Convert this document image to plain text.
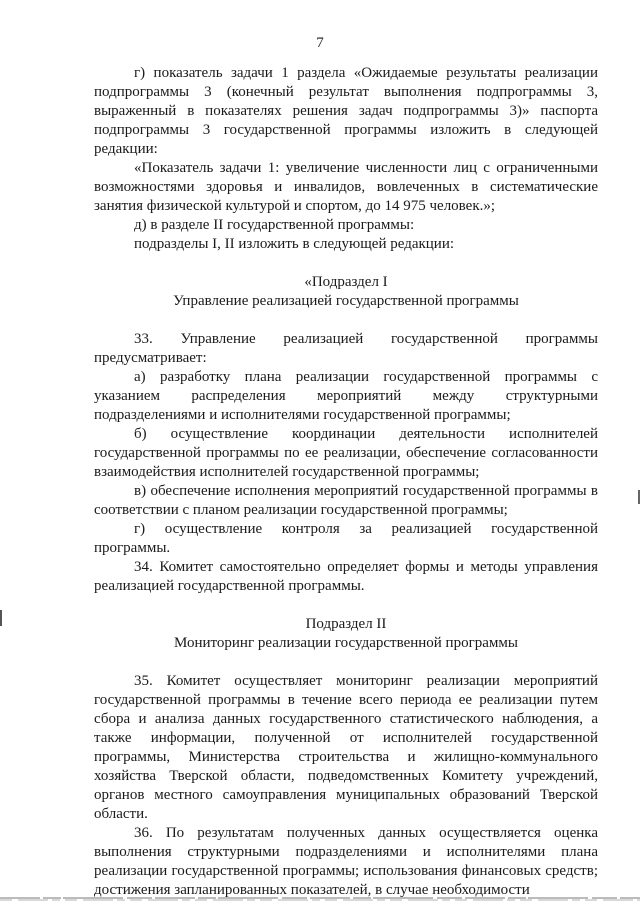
7

г) показатель задачи 1 раздела «Ожидаемые результаты реализации подпрограммы 3 (конечный результат выполнения подпрограммы 3, выраженный в показателях решения задач подпрограммы 3)» паспорта подпрограммы 3 государственной программы изложить в следующей редакции:

«Показатель задачи 1: увеличение численности лиц с ограниченными возможностями здоровья и инвалидов, вовлеченных в систематические занятия физической культурой и спортом, до 14 975 человек.»;

д) в разделе II государственной программы:

подразделы I, II изложить в следующей редакции:

«Подраздел I

Управление реализацией государственной программы

33. Управление реализацией государственной программы предусматривает:

а) разработку плана реализации государственной программы с указанием распределения мероприятий между структурными подразделениями и исполнителями государственной программы;

б) осуществление координации деятельности исполнителей государственной программы по ее реализации, обеспечение согласованности взаимодействия исполнителей государственной программы;

в) обеспечение исполнения мероприятий государственной программы в соответствии с планом реализации государственной программы;

г) осуществление контроля за реализацией государственной программы.

34. Комитет самостоятельно определяет формы и методы управления реализацией государственной программы.

Подраздел II

Мониторинг реализации государственной программы

35. Комитет осуществляет мониторинг реализации мероприятий государственной программы в течение всего периода ее реализации путем сбора и анализа данных государственного статистического наблюдения, а также информации, полученной от исполнителей государственной программы, Министерства строительства и жилищно-коммунального хозяйства Тверской области, подведомственных Комитету учреждений, органов местного самоуправления муниципальных образований Тверской области.

36. По результатам полученных данных осуществляется оценка выполнения структурными подразделениями и исполнителями плана реализации государственной программы; использования финансовых средств; достижения запланированных показателей, в случае необходимости
